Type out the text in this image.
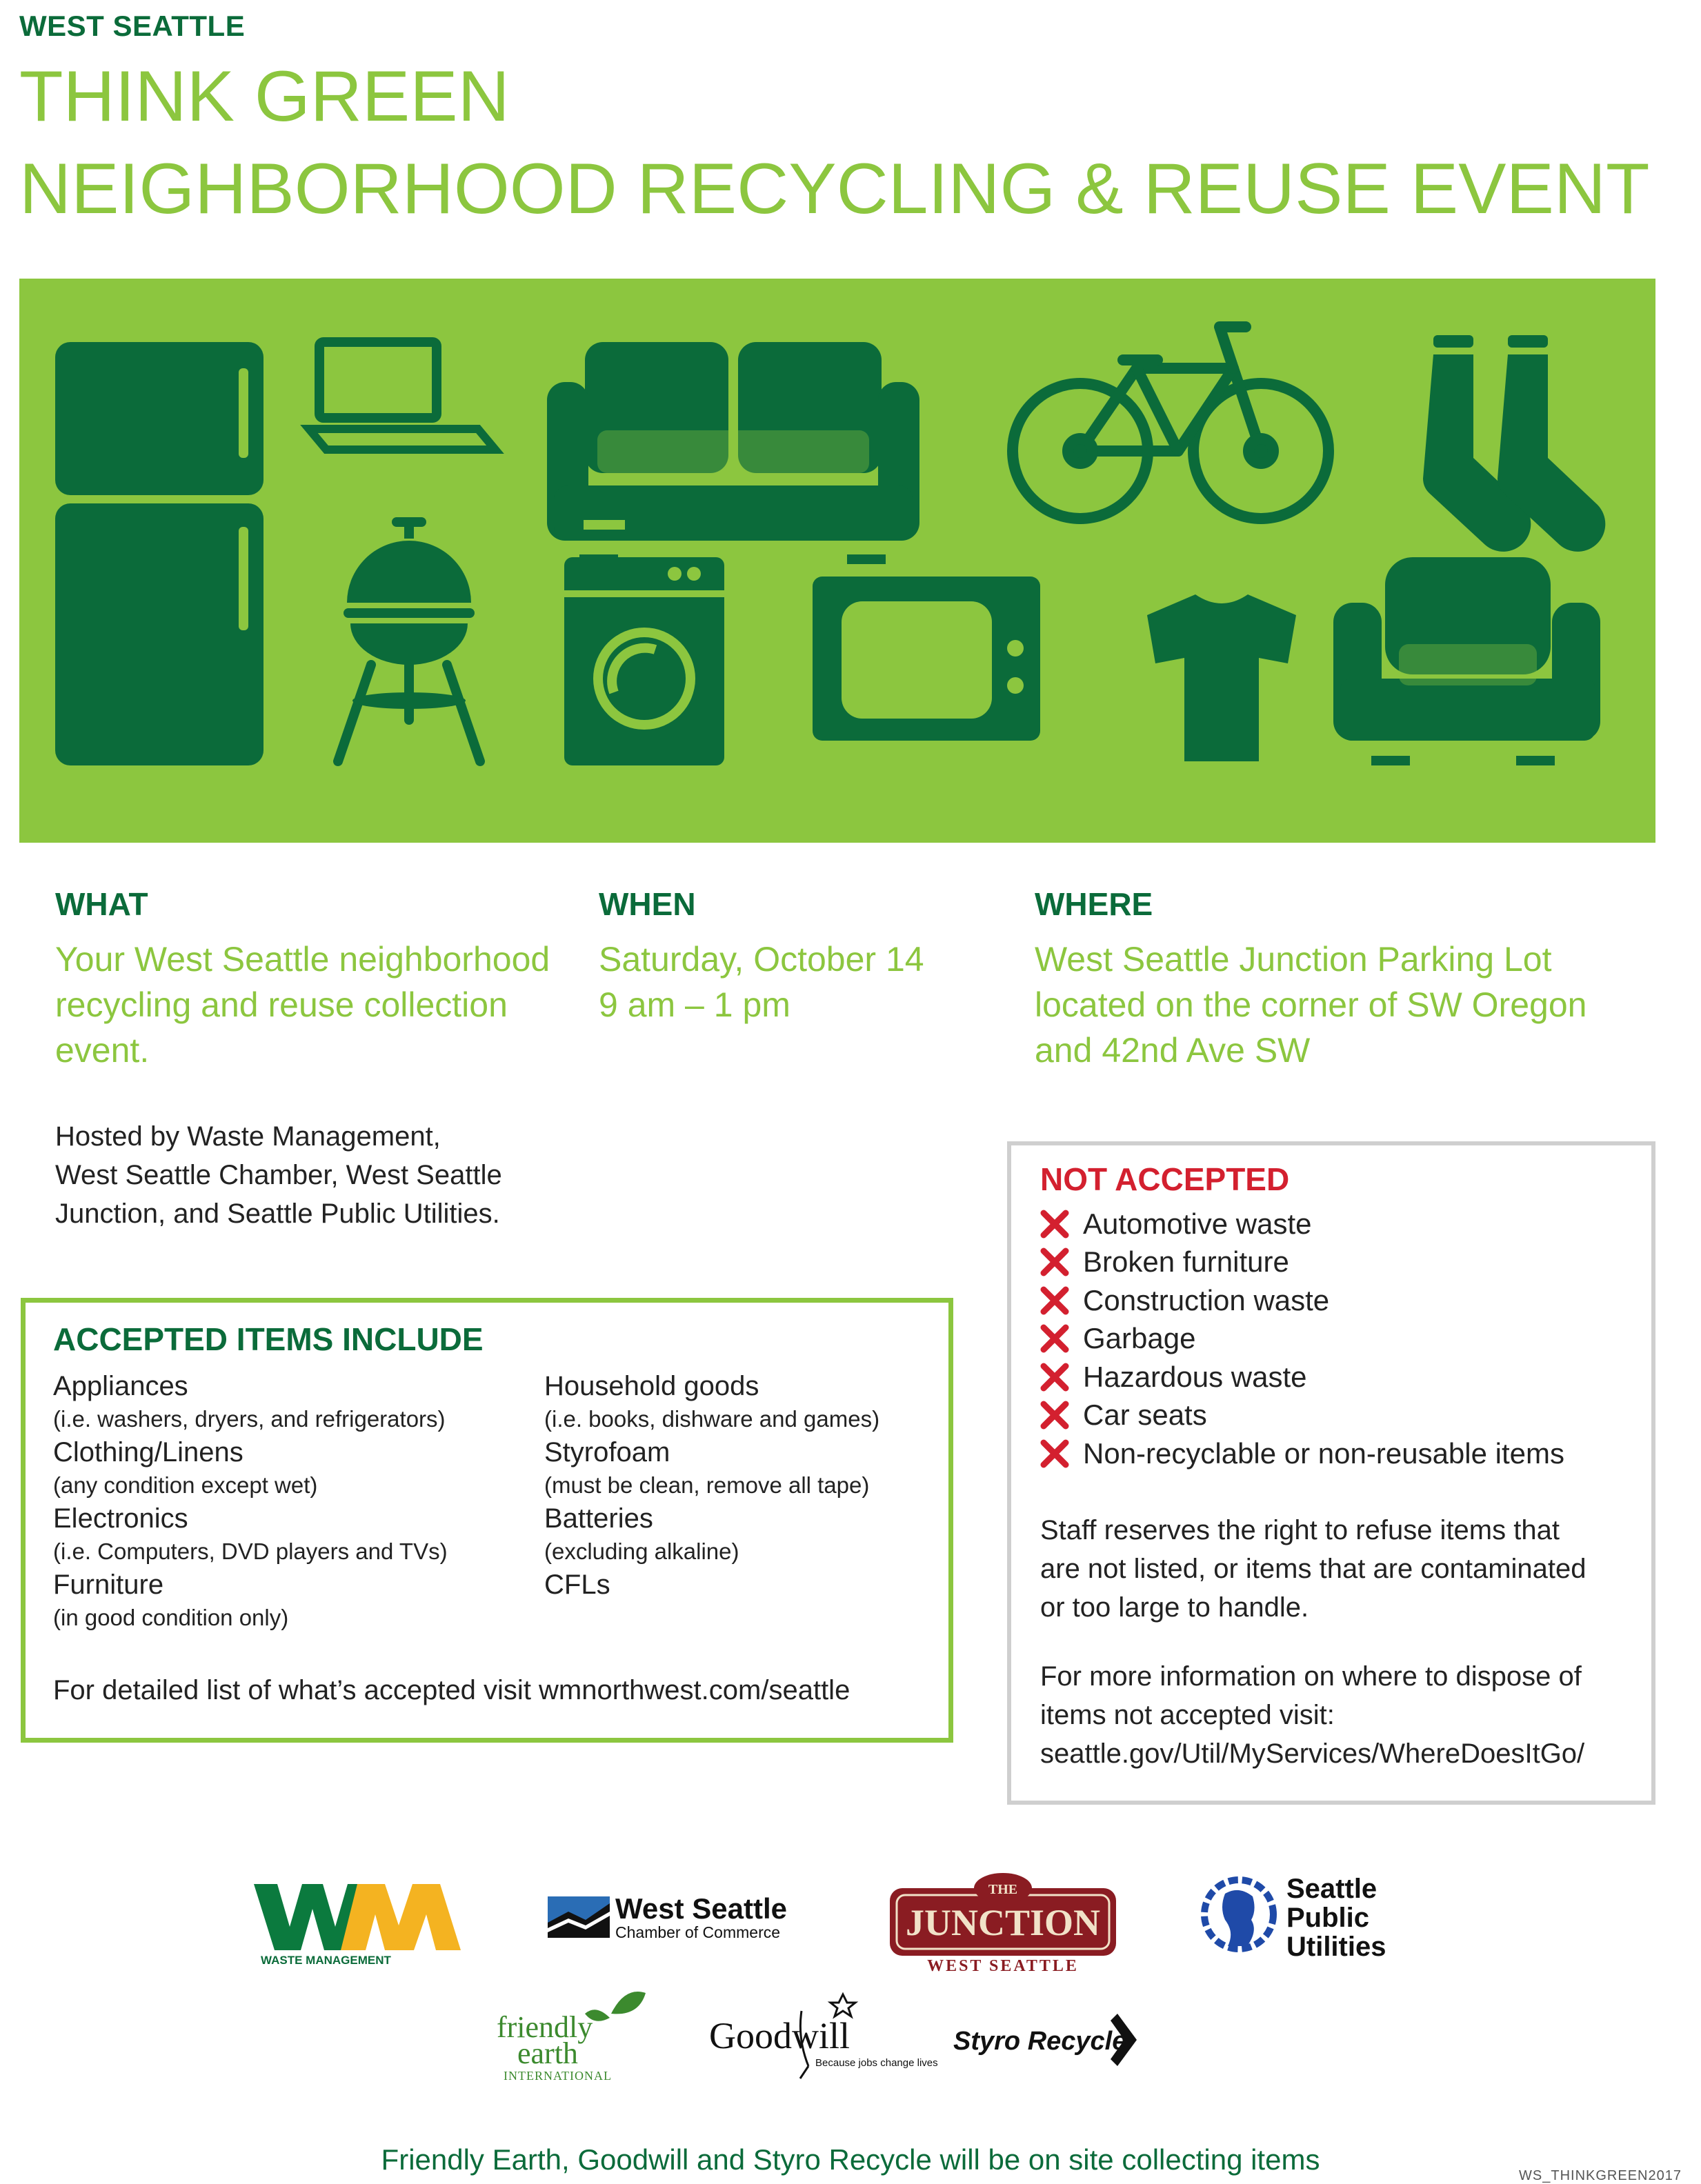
WEST SEATTLE
THINK GREEN
NEIGHBORHOOD RECYCLING & REUSE EVENT
WHAT
Your West Seattle neighborhood
recycling and reuse collection
event.
WHEN
Saturday, October 14
9 am – 1 pm
WHERE
West Seattle Junction Parking Lot
located on the corner of SW Oregon
and 42nd Ave SW
Hosted by Waste Management,
West Seattle Chamber, West Seattle
Junction, and Seattle Public Utilities.
ACCEPTED ITEMS INCLUDE
Appliances
(i.e. washers, dryers, and refrigerators)
Clothing/Linens
(any condition except wet)
Electronics
(i.e. Computers, DVD players and TVs)
Furniture
(in good condition only)
Household goods
(i.e. books, dishware and games)
Styrofoam
(must be clean, remove all tape)
Batteries
(excluding alkaline)
CFLs
For detailed list of what’s accepted visit wmnorthwest.com/seattle
NOT ACCEPTED
Automotive waste
Broken furniture
Construction waste
Garbage
Hazardous waste
Car seats
Non-recyclable or non-reusable items
Staff reserves the right to refuse items that
are not listed, or items that are contaminated
or too large to handle.
For more information on where to dispose of
items not accepted visit:
seattle.gov/Util/MyServices/WhereDoesItGo/
WASTE MANAGEMENT
West Seattle
Chamber of Commerce
THE
JUNCTION
WEST SEATTLE
Seattle
Public
Utilities
friendly
earth
INTERNATIONAL
Goodwill
Because jobs change lives
Styro Recycle
Friendly Earth, Goodwill and Styro Recycle will be on site collecting items	WS_THINKGREEN2017
